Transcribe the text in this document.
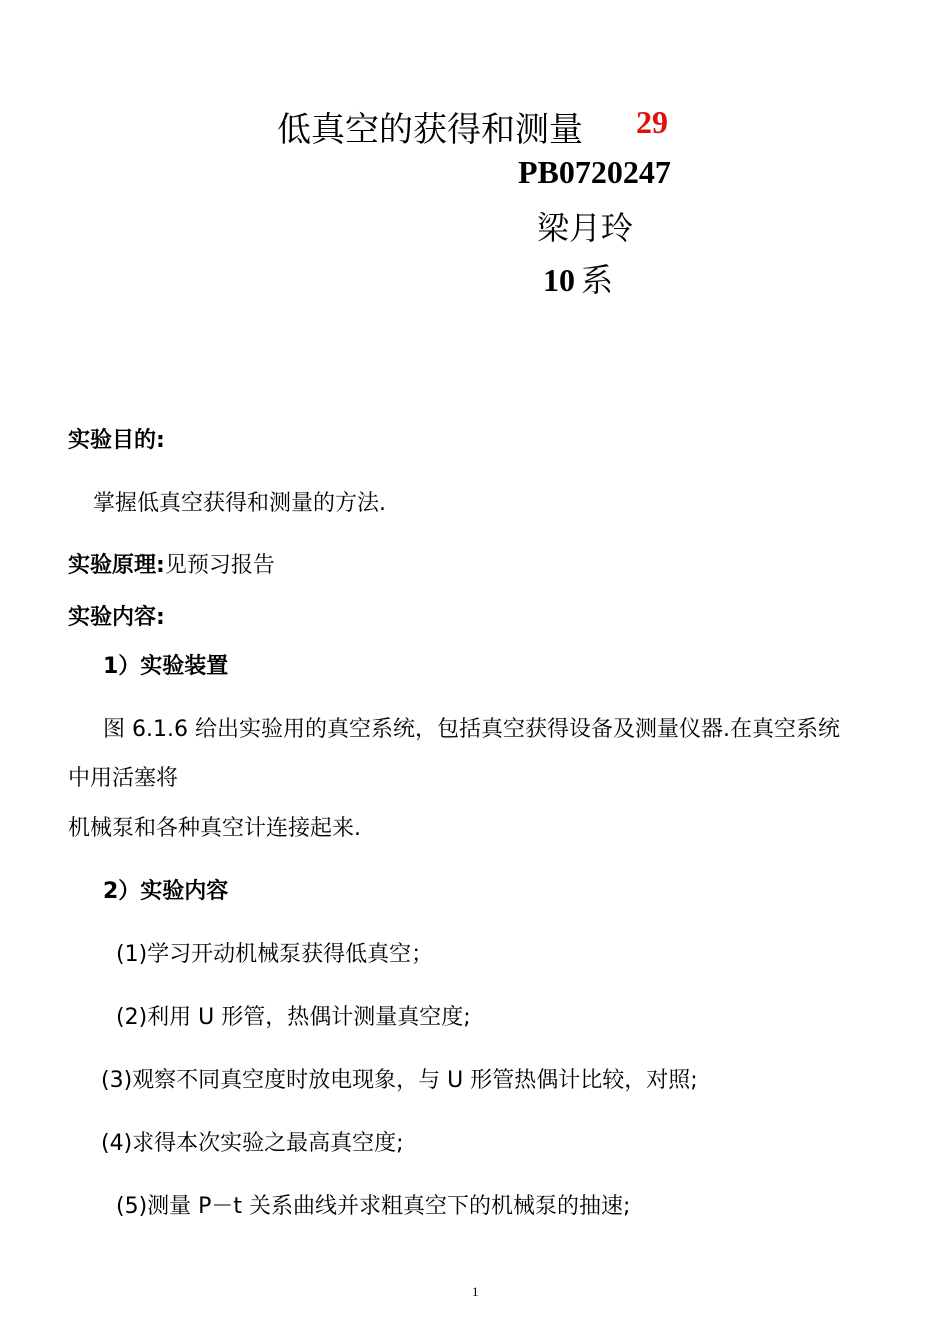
低真空的获得和测量 29
PB0720247
梁月玲
10 系
实验目的:
掌握低真空获得和测量的方法.
实验原理:见预习报告
实验内容:
1）实验装置
图 6.1.6 给出实验用的真空系统，包括真空获得设备及测量仪器.在真空系统
中用活塞将
机械泵和各种真空计连接起来.
2）实验内容
(1)学习开动机械泵获得低真空；
(2)利用 U 形管，热偶计测量真空度;
(3)观察不同真空度时放电现象，与 U 形管热偶计比较，对照;
(4)求得本次实验之最高真空度;
(5)测量 P－t 关系曲线并求粗真空下的机械泵的抽速;
1
